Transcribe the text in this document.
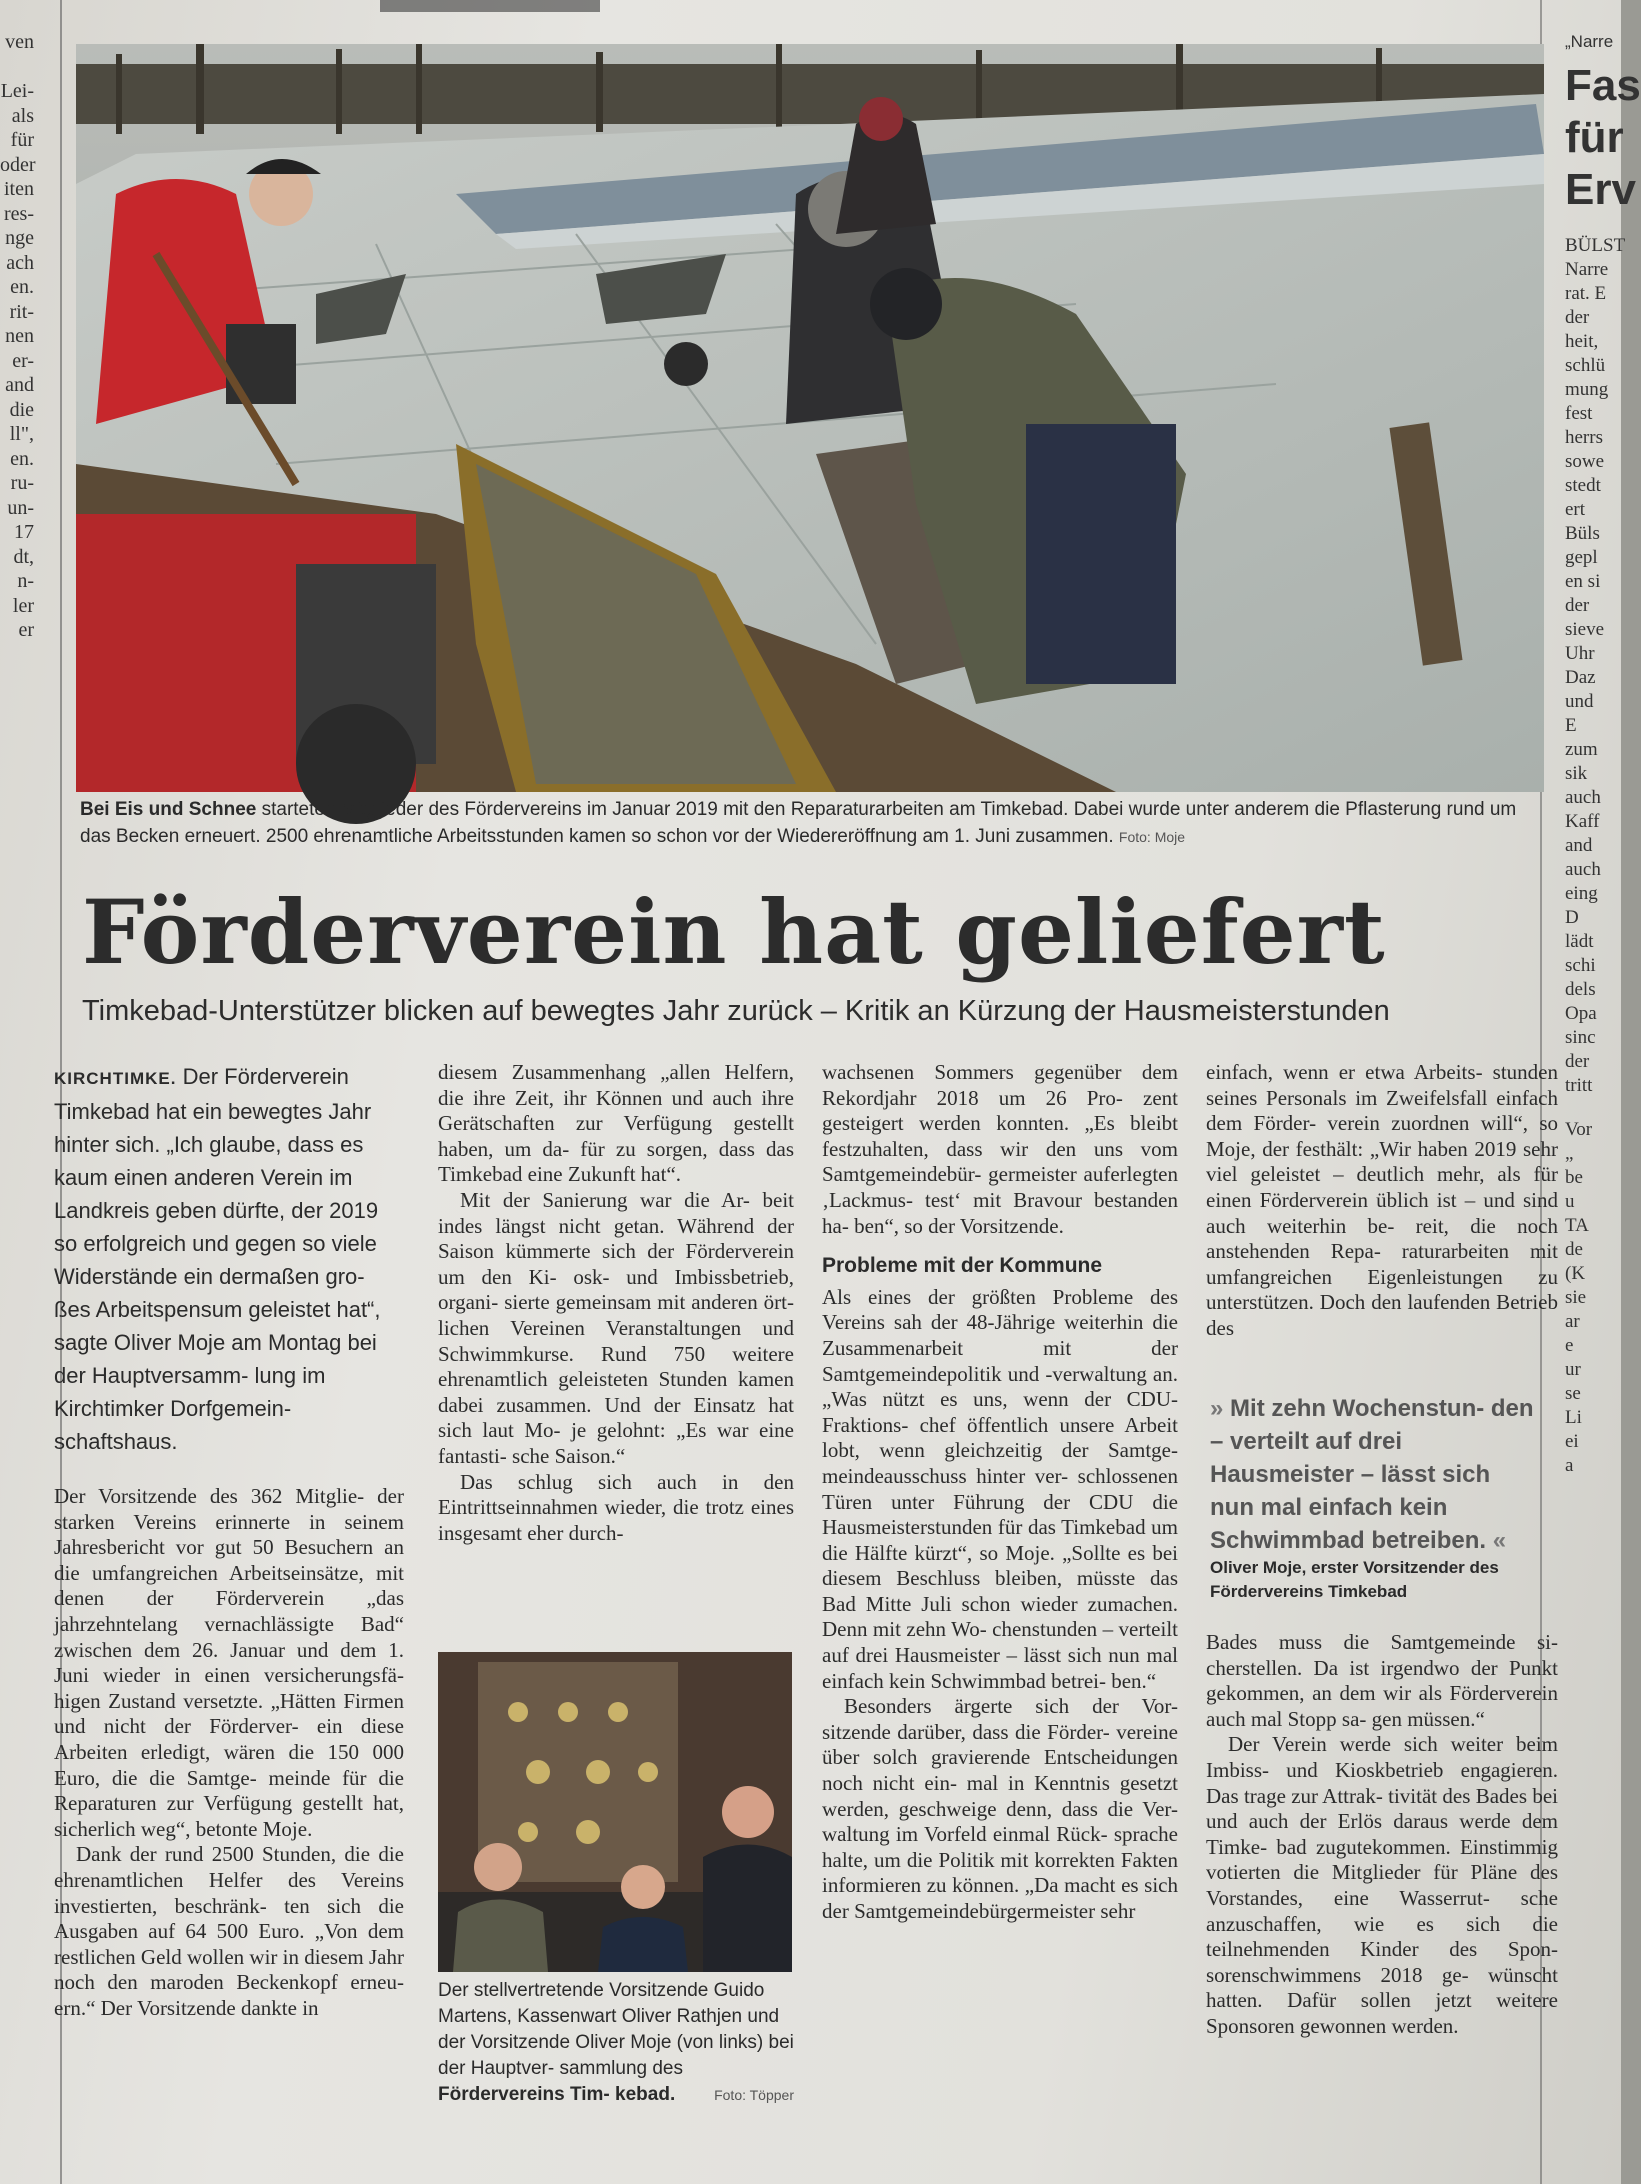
ven

Lei-
als
für
oder
iten
res-
nge
ach
en.
rit-
nen
er-
and
die
ll",
en.
ru-
un-
17
dt,
n-
ler
er
„Narre
Fas
für
Erv
BÜLST
Narre
rat. E
der
heit,
schlü
mung
fest
herrs
sowe
stedt
ert
Büls
gepl
en si
der
sieve
Uhr
Daz
und
E
zum
sik
auch
Kaff
and
auch
eing
D
lädt
schi
dels
Opa
sinc
der
tritt
Vor
„
be
u
TA
de
(K
sie
ar
e
ur
se
Li
ei
a
Bei Eis und Schnee starteten Mitglieder des Fördervereins im Januar 2019 mit den Reparaturarbeiten am Timkebad. Dabei wurde unter anderem die Pflasterung rund um das Becken erneuert. 2500 ehrenamtliche Arbeitsstunden kamen so schon vor der Wiedereröffnung am 1. Juni zusammen. Foto: Moje
Förderverein hat geliefert
Timkebad-Unterstützer blicken auf bewegtes Jahr zurück – Kritik an Kürzung der Hausmeisterstunden

KIRCHTIMKE. Der Förderverein Timkebad hat ein bewegtes Jahr hinter sich. „Ich glaube, dass es kaum einen anderen Verein im Landkreis geben dürfte, der 2019 so erfolgreich und gegen so viele Widerstände ein dermaßen gro- ßes Arbeitspensum geleistet hat“, sagte Oliver Moje am Montag bei der Hauptversamm- lung im Kirchtimker Dorfgemein- schaftshaus.

Der Vorsitzende des 362 Mitglie- der starken Vereins erinnerte in seinem Jahresbericht vor gut 50 Besuchern an die umfangreichen Arbeitseinsätze, mit denen der Förderverein „das jahrzehntelang vernachlässigte Bad“ zwischen dem 26. Januar und dem 1. Juni wieder in einen versicherungsfä- higen Zustand versetzte. „Hätten Firmen und nicht der Förderver- ein diese Arbeiten erledigt, wären die 150 000 Euro, die die Samtge- meinde für die Reparaturen zur Verfügung gestellt hat, sicherlich weg“, betonte Moje.

Dank der rund 2500 Stunden, die die ehrenamtlichen Helfer des Vereins investierten, beschränk- ten sich die Ausgaben auf 64 500 Euro. „Von dem restlichen Geld wollen wir in diesem Jahr noch den maroden Beckenkopf erneu- ern.“ Der Vorsitzende dankte in

diesem Zusammenhang „allen Helfern, die ihre Zeit, ihr Können und auch ihre Gerätschaften zur Verfügung gestellt haben, um da- für zu sorgen, dass das Timkebad eine Zukunft hat“.

Mit der Sanierung war die Ar- beit indes längst nicht getan. Während der Saison kümmerte sich der Förderverein um den Ki- osk- und Imbissbetrieb, organi- sierte gemeinsam mit anderen ört- lichen Vereinen Veranstaltungen und Schwimmkurse. Rund 750 weitere ehrenamtlich geleisteten Stunden kamen dabei zusammen. Und der Einsatz hat sich laut Mo- je gelohnt: „Es war eine fantasti- sche Saison.“

Das schlug sich auch in den Eintrittseinnahmen wieder, die trotz eines insgesamt eher durch-

Der stellvertretende Vorsitzende Guido Martens, Kassenwart Oliver Rathjen und der Vorsitzende Oliver Moje (von links) bei der Hauptver- sammlung des Fördervereins Tim- kebad.	Foto: Töpper

wachsenen Sommers gegenüber dem Rekordjahr 2018 um 26 Pro- zent gesteigert werden konnten. „Es bleibt festzuhalten, dass wir den uns vom Samtgemeindebür- germeister auferlegten ‚Lackmus- test‘ mit Bravour bestanden ha- ben“, so der Vorsitzende.

Probleme mit der Kommune

Als eines der größten Probleme des Vereins sah der 48-Jährige weiterhin die Zusammenarbeit mit der Samtgemeindepolitik und -verwaltung an. „Was nützt es uns, wenn der CDU-Fraktions- chef öffentlich unsere Arbeit lobt, wenn gleichzeitig der Samtge- meindeausschuss hinter ver- schlossenen Türen unter Führung der CDU die Hausmeisterstunden für das Timkebad um die Hälfte kürzt“, so Moje. „Sollte es bei diesem Beschluss bleiben, müsste das Bad Mitte Juli schon wieder zumachen. Denn mit zehn Wo- chenstunden – verteilt auf drei Hausmeister – lässt sich nun mal einfach kein Schwimmbad betrei- ben.“

Besonders ärgerte sich der Vor- sitzende darüber, dass die Förder- vereine über solch gravierende Entscheidungen noch nicht ein- mal in Kenntnis gesetzt werden, geschweige denn, dass die Ver- waltung im Vorfeld einmal Rück- sprache halte, um die Politik mit korrekten Fakten informieren zu können. „Da macht es sich der Samtgemeindebürgermeister sehr

einfach, wenn er etwa Arbeits- stunden seines Personals im Zweifelsfall einfach dem Förder- verein zuordnen will“, so Moje, der festhält: „Wir haben 2019 sehr viel geleistet – deutlich mehr, als für einen Förderverein üblich ist – und sind auch weiterhin be- reit, die noch anstehenden Repa- raturarbeiten mit umfangreichen Eigenleistungen zu unterstützen. Doch den laufenden Betrieb des

» Mit zehn Wochenstun- den – verteilt auf drei Hausmeister – lässt sich nun mal einfach kein Schwimmbad betreiben. «
Oliver Moje, erster Vorsitzender des Fördervereins Timkebad

Bades muss die Samtgemeinde si- cherstellen. Da ist irgendwo der Punkt gekommen, an dem wir als Förderverein auch mal Stopp sa- gen müssen.“

Der Verein werde sich weiter beim Imbiss- und Kioskbetrieb engagieren. Das trage zur Attrak- tivität des Bades bei und auch der Erlös daraus werde dem Timke- bad zugutekommen. Einstimmig votierten die Mitglieder für Pläne des Vorstandes, eine Wasserrut- sche anzuschaffen, wie es sich die teilnehmenden Kinder des Spon- sorenschwimmens 2018 ge- wünscht hatten. Dafür sollen jetzt weitere Sponsoren gewonnen werden.
